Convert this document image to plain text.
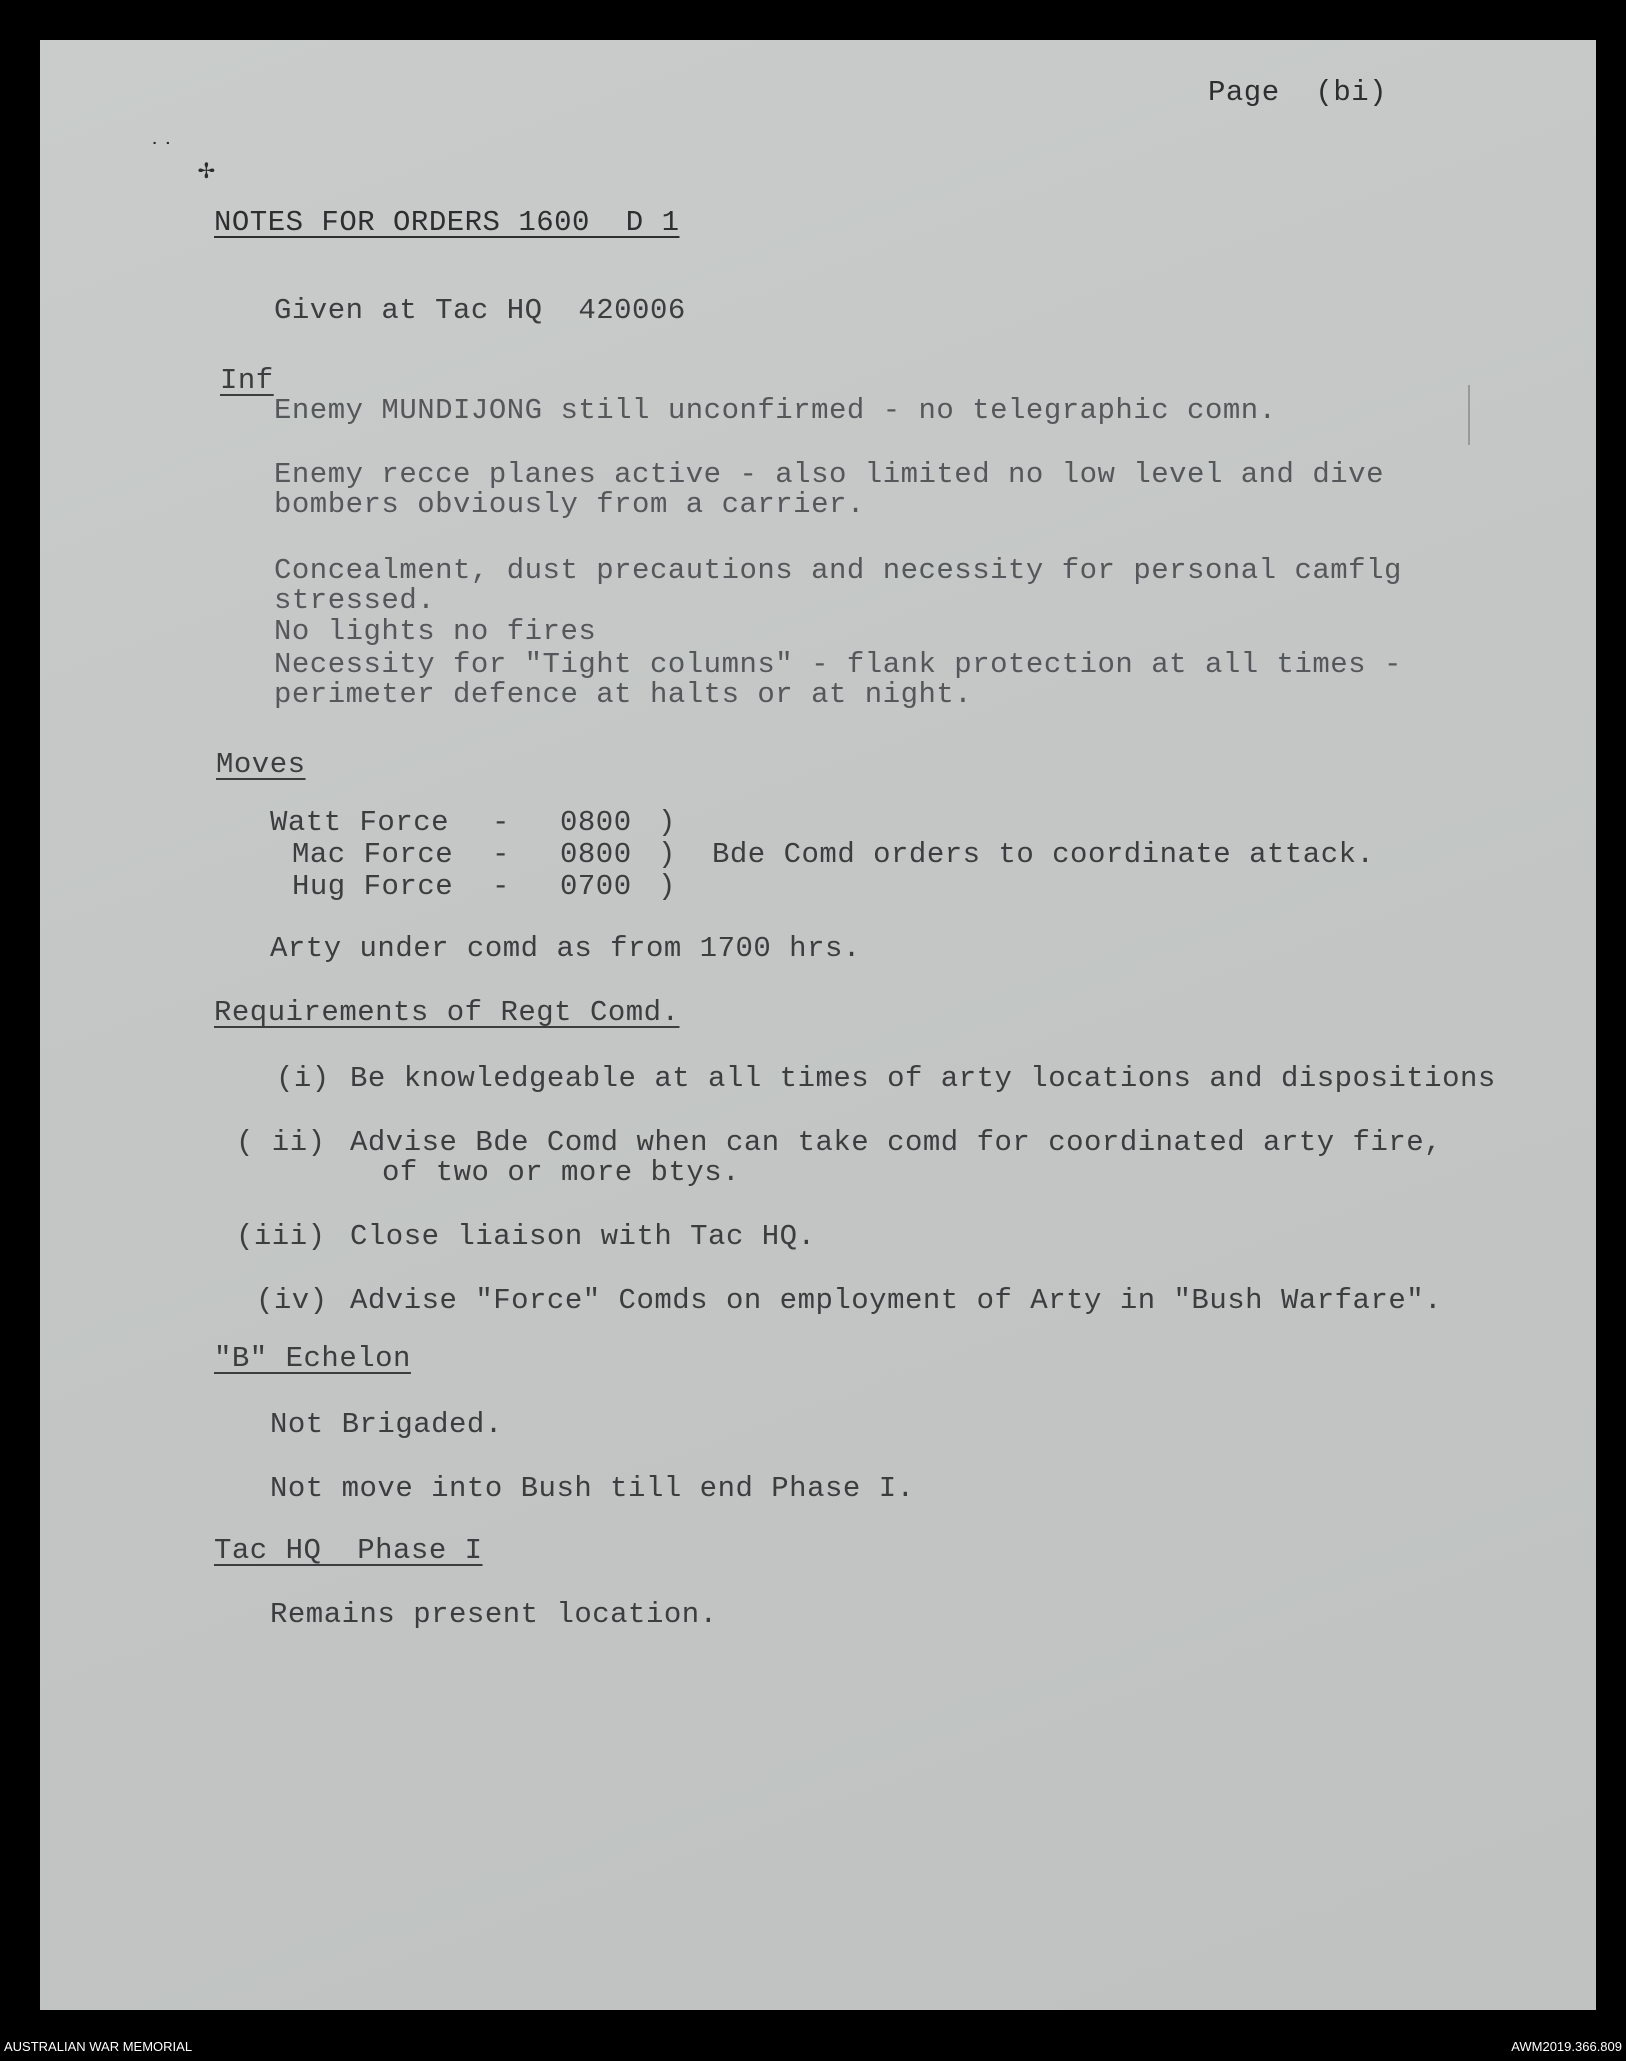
˙˙
✢
Page  (bi)
NOTES FOR ORDERS 1600  D 1
Given at Tac HQ  420006
Inf
Enemy MUNDIJONG still unconfirmed - no telegraphic comn.
Enemy recce planes active - also limited no low level and dive
bombers obviously from a carrier.
Concealment, dust precautions and necessity for personal camflg
stressed.
No lights no fires
Necessity for "Tight columns" - flank protection at all times -
perimeter defence at halts or at night.
Moves
Watt Force - 0800 )
Mac Force - 0800 ) Bde Comd orders to coordinate attack.
Hug Force - 0700 )
Arty under comd as from 1700 hrs.
Requirements of Regt Comd.
(i) Be knowledgeable at all times of arty locations and dispositions
( ii) Advise Bde Comd when can take comd for coordinated arty fire,
of two or more btys.
(iii) Close liaison with Tac HQ.
(iv) Advise "Force" Comds on employment of Arty in "Bush Warfare".
"B" Echelon
Not Brigaded.
Not move into Bush till end Phase I.
Tac HQ  Phase I
Remains present location.
AUSTRALIAN WAR MEMORIAL	AWM2019.366.809
